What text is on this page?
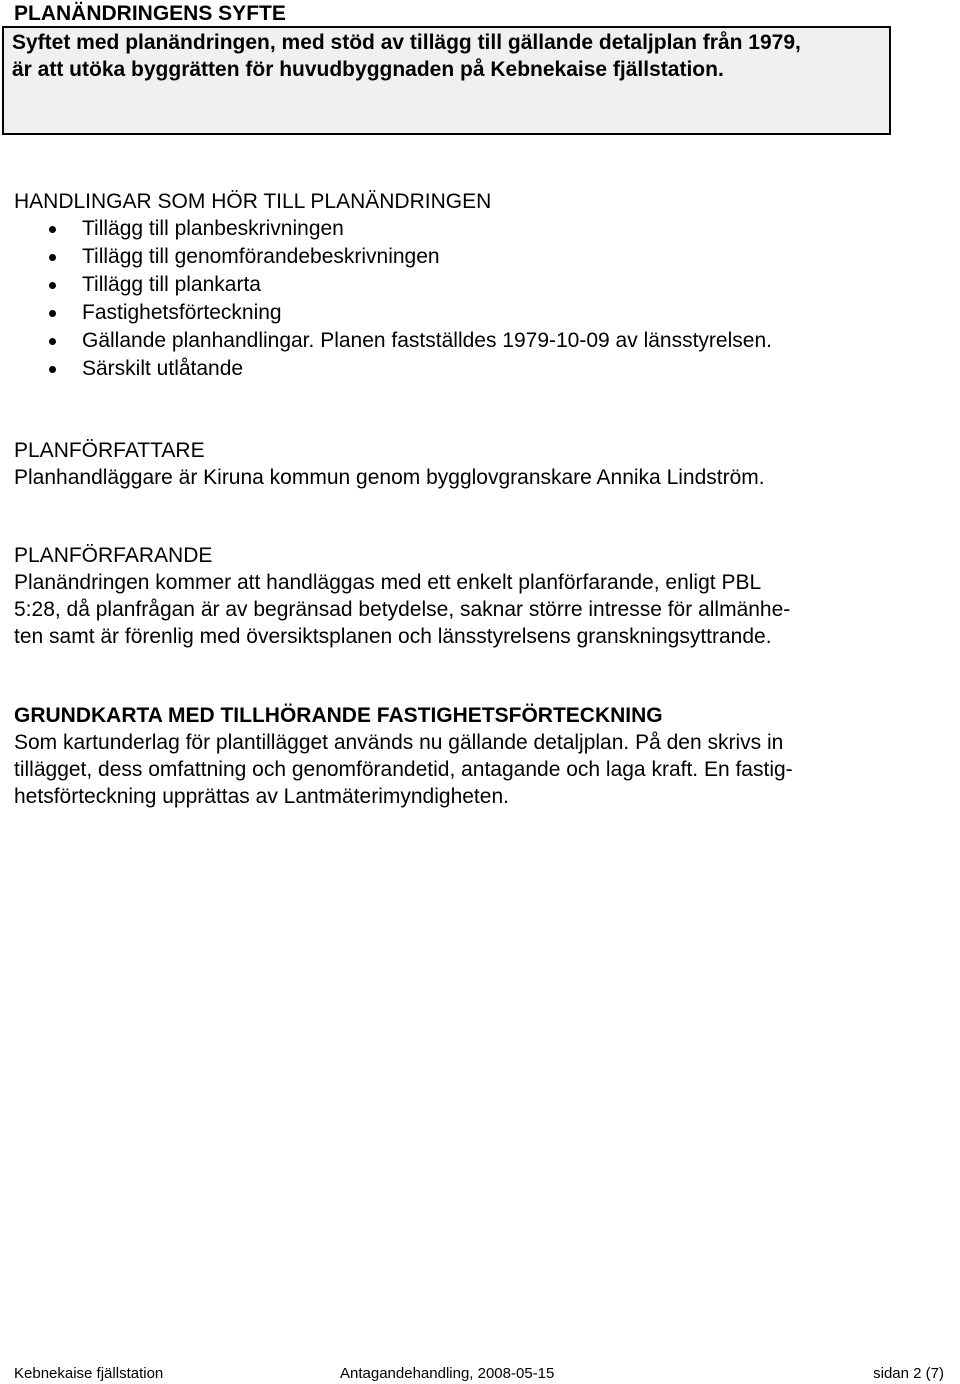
PLANÄNDRINGENS SYFTE
Syftet med planändringen, med stöd av tillägg till gällande detaljplan från 1979,
är att utöka byggrätten för huvudbyggnaden på Kebnekaise fjällstation.
HANDLINGAR SOM HÖR TILL PLANÄNDRINGEN
Tillägg till planbeskrivningen
Tillägg till genomförandebeskrivningen
Tillägg till plankarta
Fastighetsförteckning
Gällande planhandlingar. Planen fastställdes 1979-10-09 av länsstyrelsen.
Särskilt utlåtande
PLANFÖRFATTARE

Planhandläggare är Kiruna kommun genom bygglovgranskare Annika Lindström.

PLANFÖRFARANDE
Planändringen kommer att handläggas med ett enkelt planförfarande, enligt PBL
5:28, då planfrågan är av begränsad betydelse, saknar större intresse för allmänhe-
ten samt är förenlig med översiktsplanen och länsstyrelsens granskningsyttrande.
GRUNDKARTA MED TILLHÖRANDE FASTIGHETSFÖRTECKNING
Som kartunderlag för plantillägget används nu gällande detaljplan. På den skrivs in
tillägget, dess omfattning och genomförandetid, antagande och laga kraft. En fastig-
hetsförteckning upprättas av Lantmäterimyndigheten.
Kebnekaise fjällstation	Antagandehandling, 2008-05-15	sidan 2 (7)
